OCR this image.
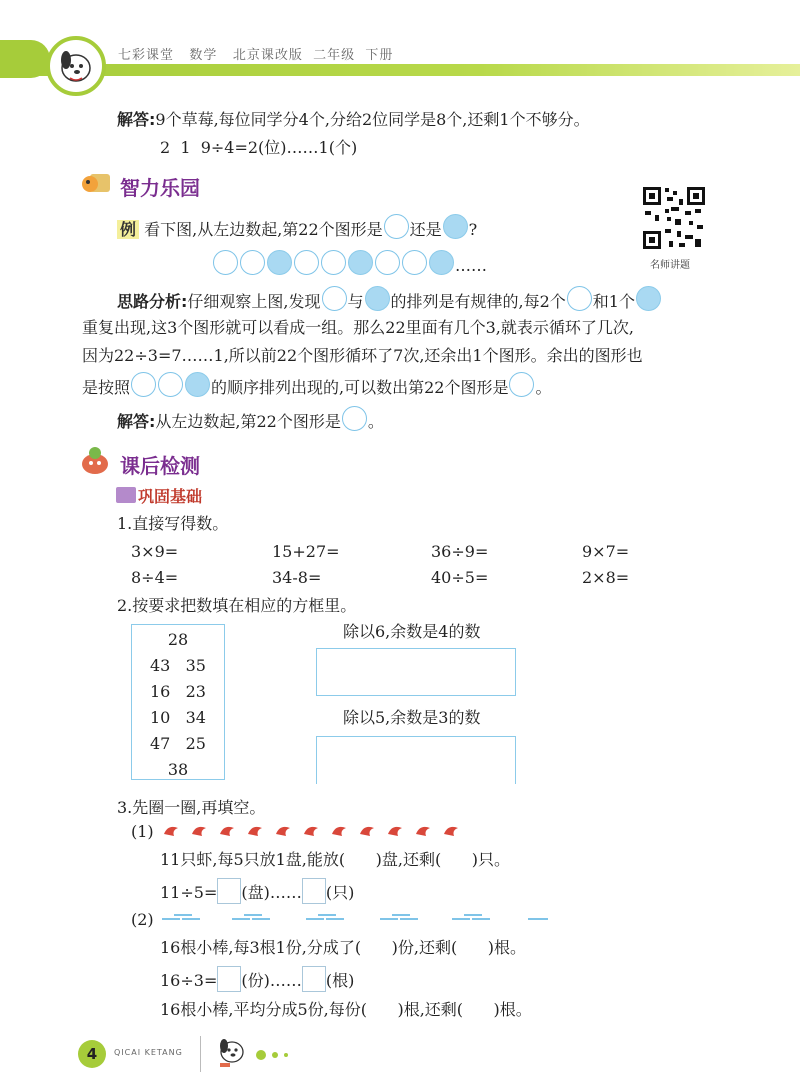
七彩课堂 数学 北京课改版 二年级 下册
解答:9个草莓,每位同学分4个,分给2位同学是8个,还剩1个不够分。
2  1  9÷4=2(位)……1(个)
智力乐园
名师讲题
例 看下图,从左边数起,第22个图形是 还是 ?
……
思路分析:仔细观察上图,发现 与 的排列是有规律的,每2个 和1个
重复出现,这3个图形就可以看成一组。那么22里面有几个3,就表示循环了几次,
因为22÷3=7……1,所以前22个图形循环了7次,还余出1个图形。余出的图形也
是按照	的顺序排列出现的,可以数出第22个图形是 。
解答:从左边数起,第22个图形是 。
课后检测
巩固基础
1.直接写得数。
3×9=	15+27=	36÷9=	9×7=
8÷4=	34-8=	40÷5=	2×8=
2.按要求把数填在相应的方框里。
28
43   35
16   23
10   34
47   25
38
除以6,余数是4的数
除以5,余数是3的数
3.先圈一圈,再填空。
(1)
11只虾,每5只放1盘,能放(      )盘,还剩(      )只。
11÷5= (盘)…… (只)
(2)
16根小棒,每3根1份,分成了(      )份,还剩(      )根。
16÷3= (份)…… (根)
16根小棒,平均分成5份,每份(      )根,还剩(      )根。
4	QICAI KETANG
